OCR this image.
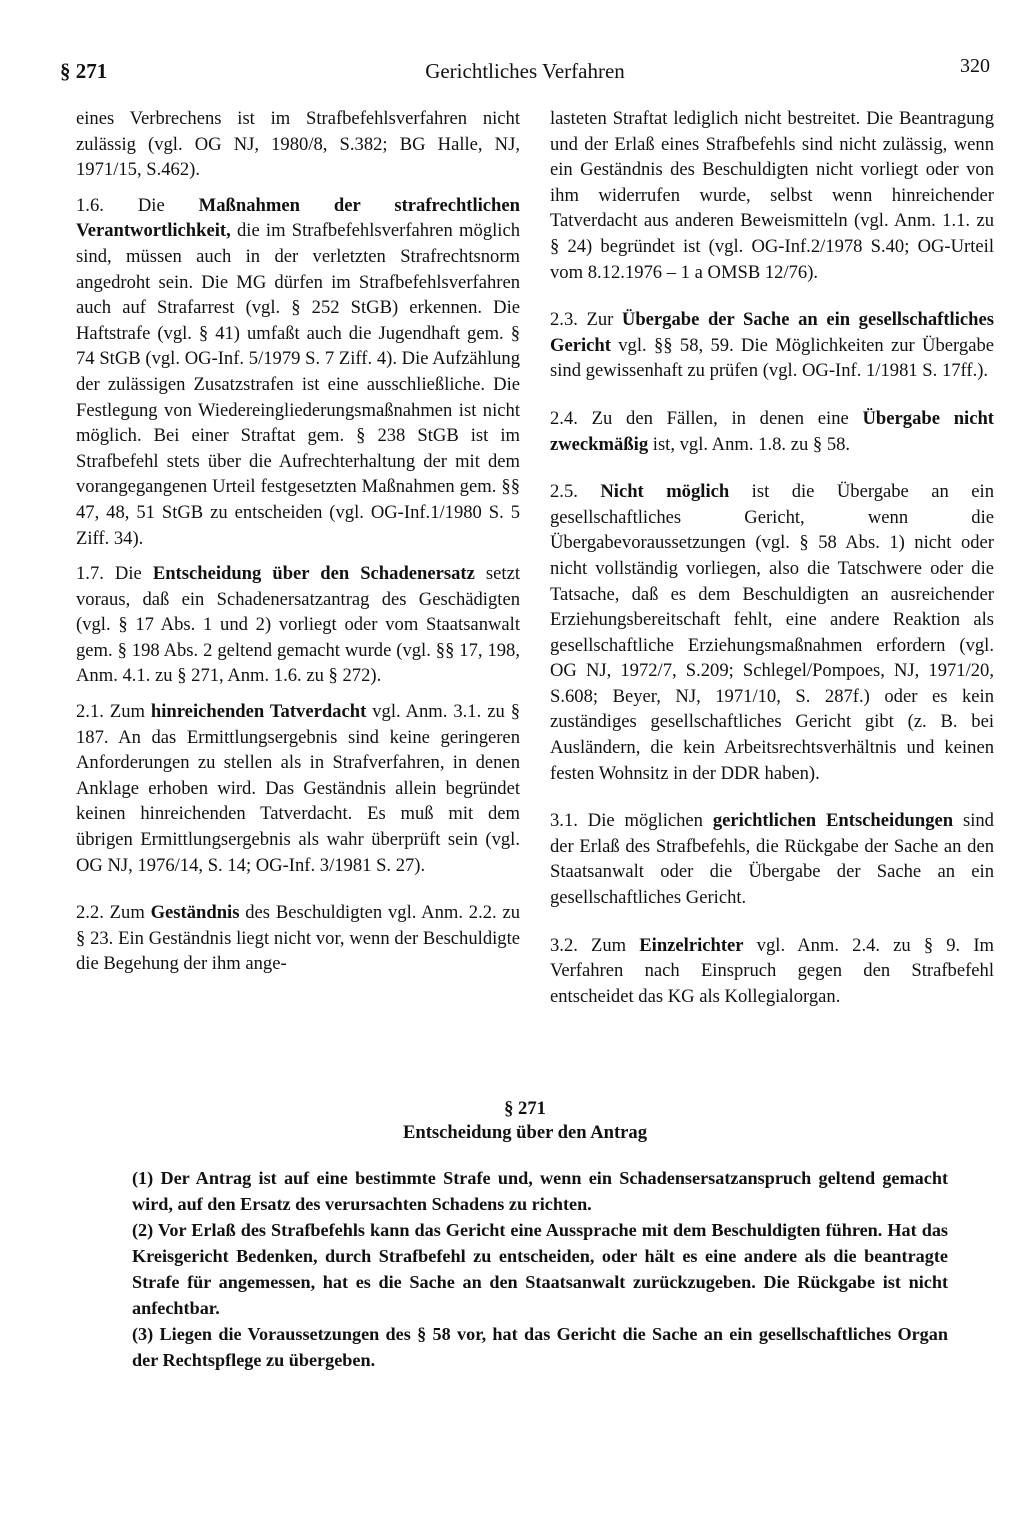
§ 271	Gerichtliches Verfahren	320

eines Verbrechens ist im Strafbefehlsverfahren nicht zulässig (vgl. OG NJ, 1980/8, S.382; BG Halle, NJ, 1971/15, S.462).

1.6. Die Maßnahmen der strafrechtlichen Verantwortlichkeit, die im Strafbefehlsverfahren möglich sind, müssen auch in der verletzten Strafrechtsnorm angedroht sein. Die MG dürfen im Strafbefehlsverfahren auch auf Strafarrest (vgl. § 252 StGB) erkennen. Die Haftstrafe (vgl. § 41) umfaßt auch die Jugendhaft gem. § 74 StGB (vgl. OG-Inf. 5/1979 S. 7 Ziff. 4). Die Aufzählung der zulässigen Zusatzstrafen ist eine ausschließliche. Die Festlegung von Wiedereingliederungsmaßnahmen ist nicht möglich. Bei einer Straftat gem. § 238 StGB ist im Strafbefehl stets über die Aufrechterhaltung der mit dem vorangegangenen Urteil festgesetzten Maßnahmen gem. §§ 47, 48, 51 StGB zu entscheiden (vgl. OG-Inf.1/1980 S. 5 Ziff. 34).

1.7. Die Entscheidung über den Schadenersatz setzt voraus, daß ein Schadenersatzantrag des Geschädigten (vgl. § 17 Abs. 1 und 2) vorliegt oder vom Staatsanwalt gem. § 198 Abs. 2 geltend gemacht wurde (vgl. §§ 17, 198, Anm. 4.1. zu § 271, Anm. 1.6. zu § 272).

2.1. Zum hinreichenden Tatverdacht vgl. Anm. 3.1. zu § 187. An das Ermittlungsergebnis sind keine geringeren Anforderungen zu stellen als in Strafverfahren, in denen Anklage erhoben wird. Das Geständnis allein begründet keinen hinreichenden Tatverdacht. Es muß mit dem übrigen Ermittlungsergebnis als wahr überprüft sein (vgl. OG NJ, 1976/14, S. 14; OG-Inf. 3/1981 S. 27).

2.2. Zum Geständnis des Beschuldigten vgl. Anm. 2.2. zu § 23. Ein Geständnis liegt nicht vor, wenn der Beschuldigte die Begehung der ihm ange-

lasteten Straftat lediglich nicht bestreitet. Die Beantragung und der Erlaß eines Strafbefehls sind nicht zulässig, wenn ein Geständnis des Beschuldigten nicht vorliegt oder von ihm widerrufen wurde, selbst wenn hinreichender Tatverdacht aus anderen Beweismitteln (vgl. Anm. 1.1. zu § 24) begründet ist (vgl. OG-Inf.2/1978 S.40; OG-Urteil vom 8.12.1976 – 1 a OMSB 12/76).

2.3. Zur Übergabe der Sache an ein gesellschaftliches Gericht vgl. §§ 58, 59. Die Möglichkeiten zur Übergabe sind gewissenhaft zu prüfen (vgl. OG-Inf. 1/1981 S. 17ff.).

2.4. Zu den Fällen, in denen eine Übergabe nicht zweckmäßig ist, vgl. Anm. 1.8. zu § 58.

2.5. Nicht möglich ist die Übergabe an ein gesellschaftliches Gericht, wenn die Übergabevoraussetzungen (vgl. § 58 Abs. 1) nicht oder nicht vollständig vorliegen, also die Tatschwere oder die Tatsache, daß es dem Beschuldigten an ausreichender Erziehungsbereitschaft fehlt, eine andere Reaktion als gesellschaftliche Erziehungsmaßnahmen erfordern (vgl. OG NJ, 1972/7, S.209; Schlegel/Pompoes, NJ, 1971/20, S.608; Beyer, NJ, 1971/10, S. 287f.) oder es kein zuständiges gesellschaftliches Gericht gibt (z. B. bei Ausländern, die kein Arbeitsrechtsverhältnis und keinen festen Wohnsitz in der DDR haben).

3.1. Die möglichen gerichtlichen Entscheidungen sind der Erlaß des Strafbefehls, die Rückgabe der Sache an den Staatsanwalt oder die Übergabe der Sache an ein gesellschaftliches Gericht.

3.2. Zum Einzelrichter vgl. Anm. 2.4. zu § 9. Im Verfahren nach Einspruch gegen den Strafbefehl entscheidet das KG als Kollegialorgan.

§ 271
Entscheidung über den Antrag

(1) Der Antrag ist auf eine bestimmte Strafe und, wenn ein Schadensersatzanspruch geltend gemacht wird, auf den Ersatz des verursachten Schadens zu richten.

(2) Vor Erlaß des Strafbefehls kann das Gericht eine Aussprache mit dem Beschuldigten führen. Hat das Kreisgericht Bedenken, durch Strafbefehl zu entscheiden, oder hält es eine andere als die beantragte Strafe für angemessen, hat es die Sache an den Staatsanwalt zurückzugeben. Die Rückgabe ist nicht anfechtbar.

(3) Liegen die Voraussetzungen des § 58 vor, hat das Gericht die Sache an ein gesellschaftliches Organ der Rechtspflege zu übergeben.
